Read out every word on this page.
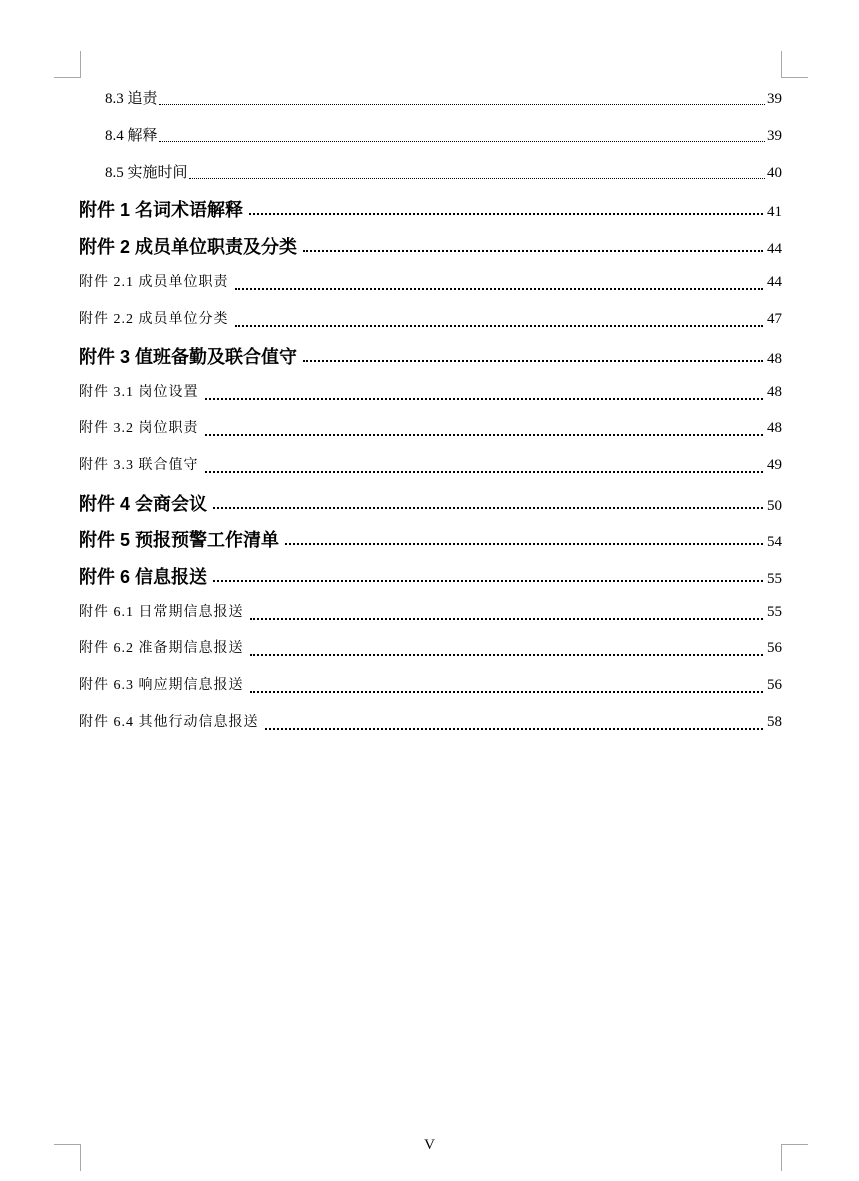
8.3 追责	39
8.4 解释	39
8.5 实施时间	40
附件 1 名词术语解释	41
附件 2 成员单位职责及分类	44
附件 2.1 成员单位职责	44
附件 2.2 成员单位分类	47
附件 3 值班备勤及联合值守	48
附件 3.1 岗位设置	48
附件 3.2 岗位职责	48
附件 3.3 联合值守	49
附件 4 会商会议	50
附件 5 预报预警工作清单	54
附件 6 信息报送	55
附件 6.1 日常期信息报送	55
附件 6.2 准备期信息报送	56
附件 6.3 响应期信息报送	56
附件 6.4 其他行动信息报送	58
V
